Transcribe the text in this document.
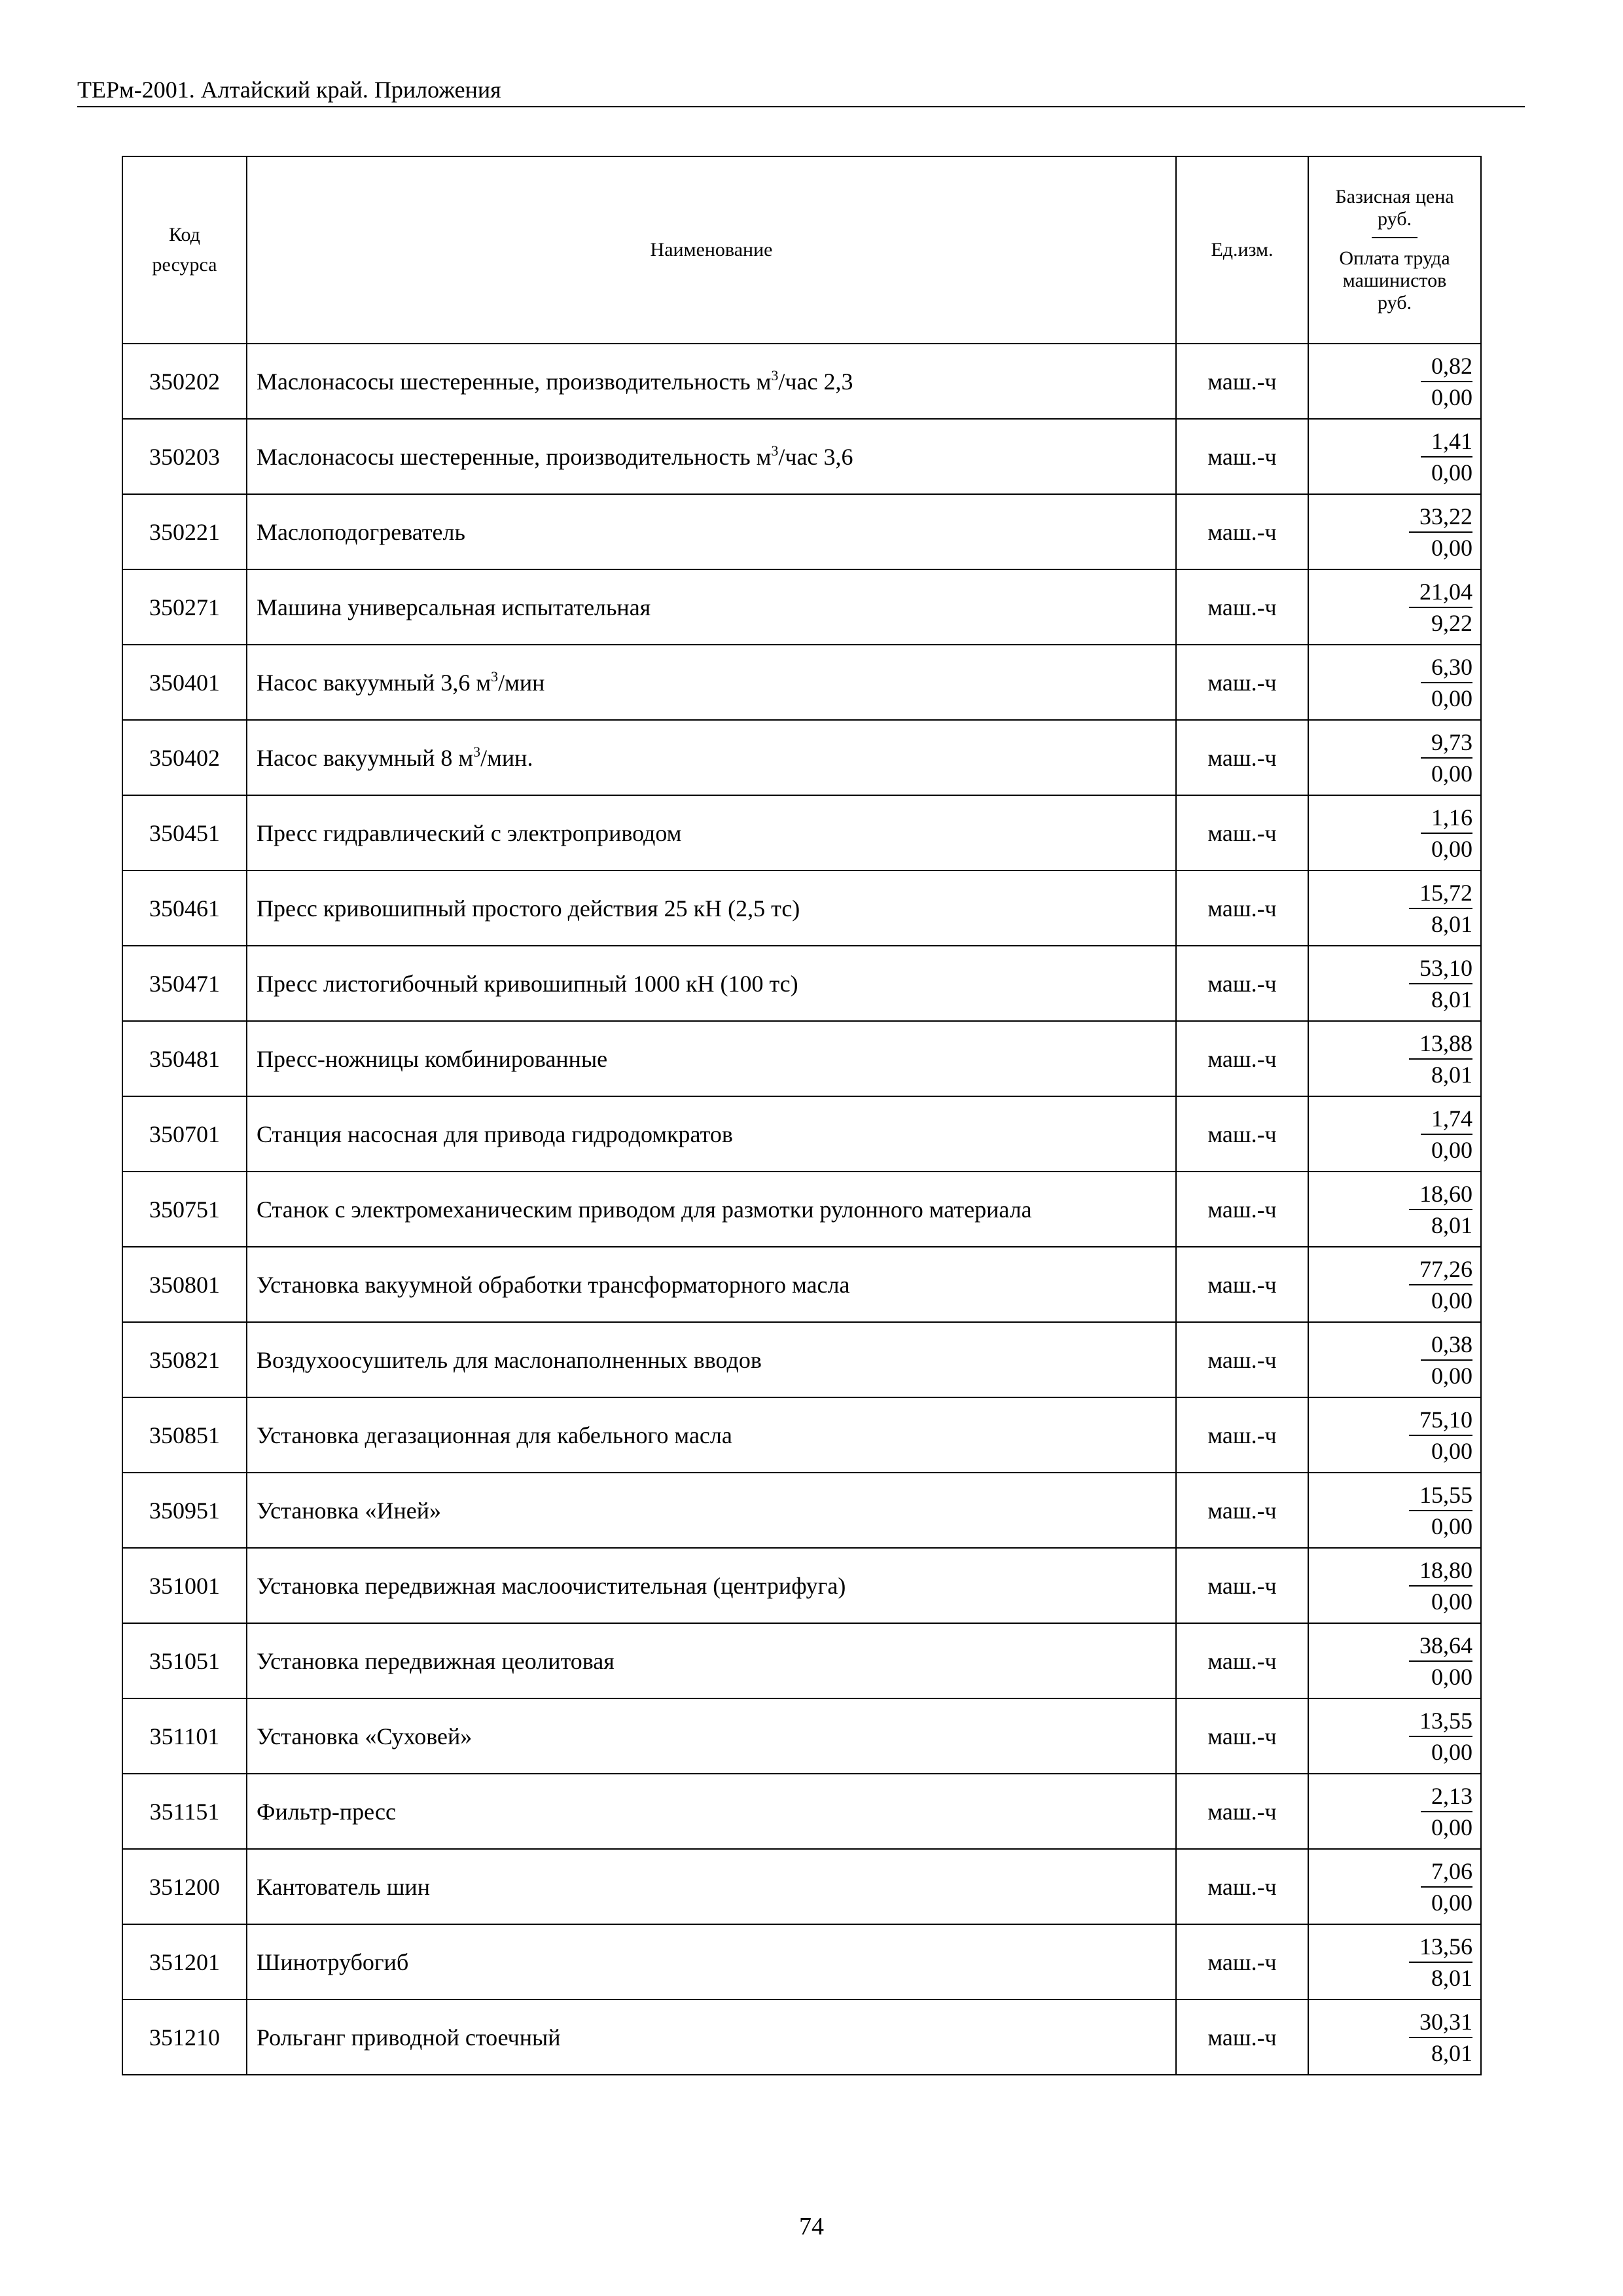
ТЕРм-2001. Алтайский край. Приложения
Код ресурса	Наименование	Ед.изм.	Базисная цена руб.
Оплата труда
машинистов
руб.

350202	Маслонасосы шестеренные, производительность $м^3$/час 2,3	маш.-ч	$\frac{0,82}{0,00}$

350203	Маслонасосы шестеренные, производительность $м^3$/час 3,6	маш.-ч	$\frac{1,41}{0,00}$

350221	Маслоподогреватель	маш.-ч	$\frac{33,22}{0,00}$

350271	Машина универсальная испытательная	маш.-ч	$\frac{21,04}{9,22}$

350401	Насос вакуумный 3,6 $м^3$/мин	маш.-ч	$\frac{6,30}{0,00}$

350402	Насос вакуумный 8 $м^3$/мин.	маш.-ч	$\frac{9,73}{0,00}$

350451	Пресс гидравлический с электроприводом	маш.-ч	$\frac{1,16}{0,00}$

350461	Пресс кривошипный простого действия 25 кН (2,5 тс)	маш.-ч	$\frac{15,72}{8,01}$

350471	Пресс листогибочный кривошипный 1000 кН (100 тс)	маш.-ч	$\frac{53,10}{8,01}$

350481	Пресс-ножницы комбинированные	маш.-ч	$\frac{13,88}{8,01}$

350701	Станция насосная для привода гидродомкратов	маш.-ч	$\frac{1,74}{0,00}$

350751	Станок с электромеханическим приводом для размотки рулонного материала	маш.-ч	$\frac{18,60}{8,01}$

350801	Установка вакуумной обработки трансформаторного масла	маш.-ч	$\frac{77,26}{0,00}$

350821	Воздухоосушитель для маслонаполненных вводов	маш.-ч	$\frac{0,38}{0,00}$

350851	Установка дегазационная для кабельного масла	маш.-ч	$\frac{75,10}{0,00}$

350951	Установка «Иней»	маш.-ч	$\frac{15,55}{0,00}$

351001	Установка передвижная маслоочистительная (центрифуга)	маш.-ч	$\frac{18,80}{0,00}$

351051	Установка передвижная цеолитовая	маш.-ч	$\frac{38,64}{0,00}$

351101	Установка «Суховей»	маш.-ч	$\frac{13,55}{0,00}$

351151	Фильтр-пресс	маш.-ч	$\frac{2,13}{0,00}$

351200	Кантователь шин	маш.-ч	$\frac{7,06}{0,00}$

351201	Шинотрубогиб	маш.-ч	$\frac{13,56}{8,01}$

351210	Рольганг приводной стоечный	маш.-ч	$\frac{30,31}{8,01}$
74
